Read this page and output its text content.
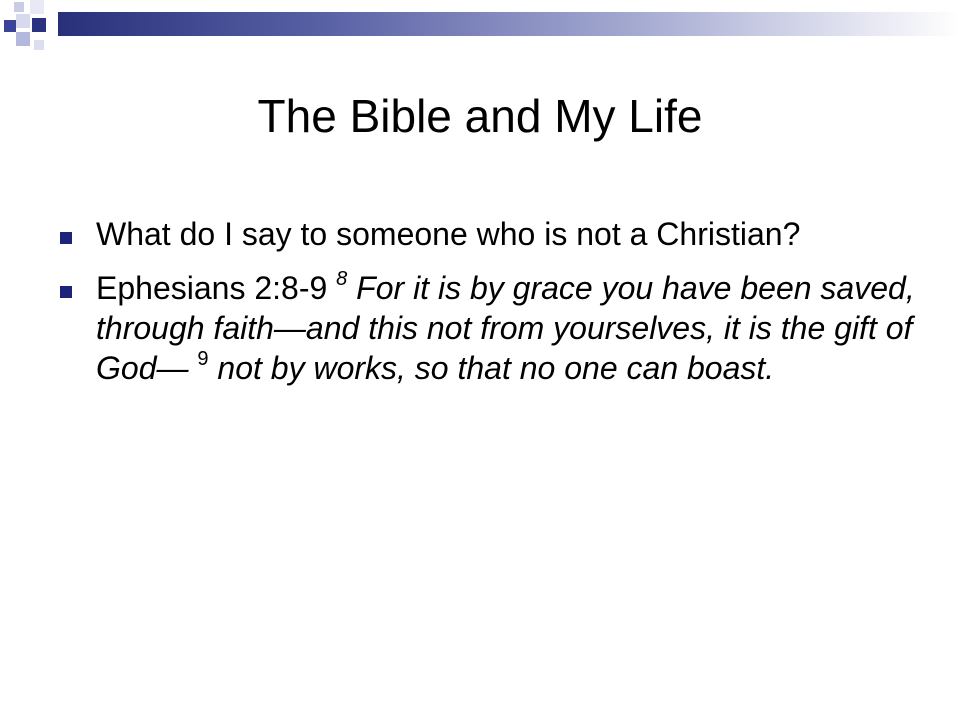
The Bible and My Life
What do I say to someone who is not a Christian?
Ephesians 2:8-9 $^8$ For it is by grace you have been saved, through faith—and this not from yourselves, it is the gift of God— $^9$ not by works, so that no one can boast.
